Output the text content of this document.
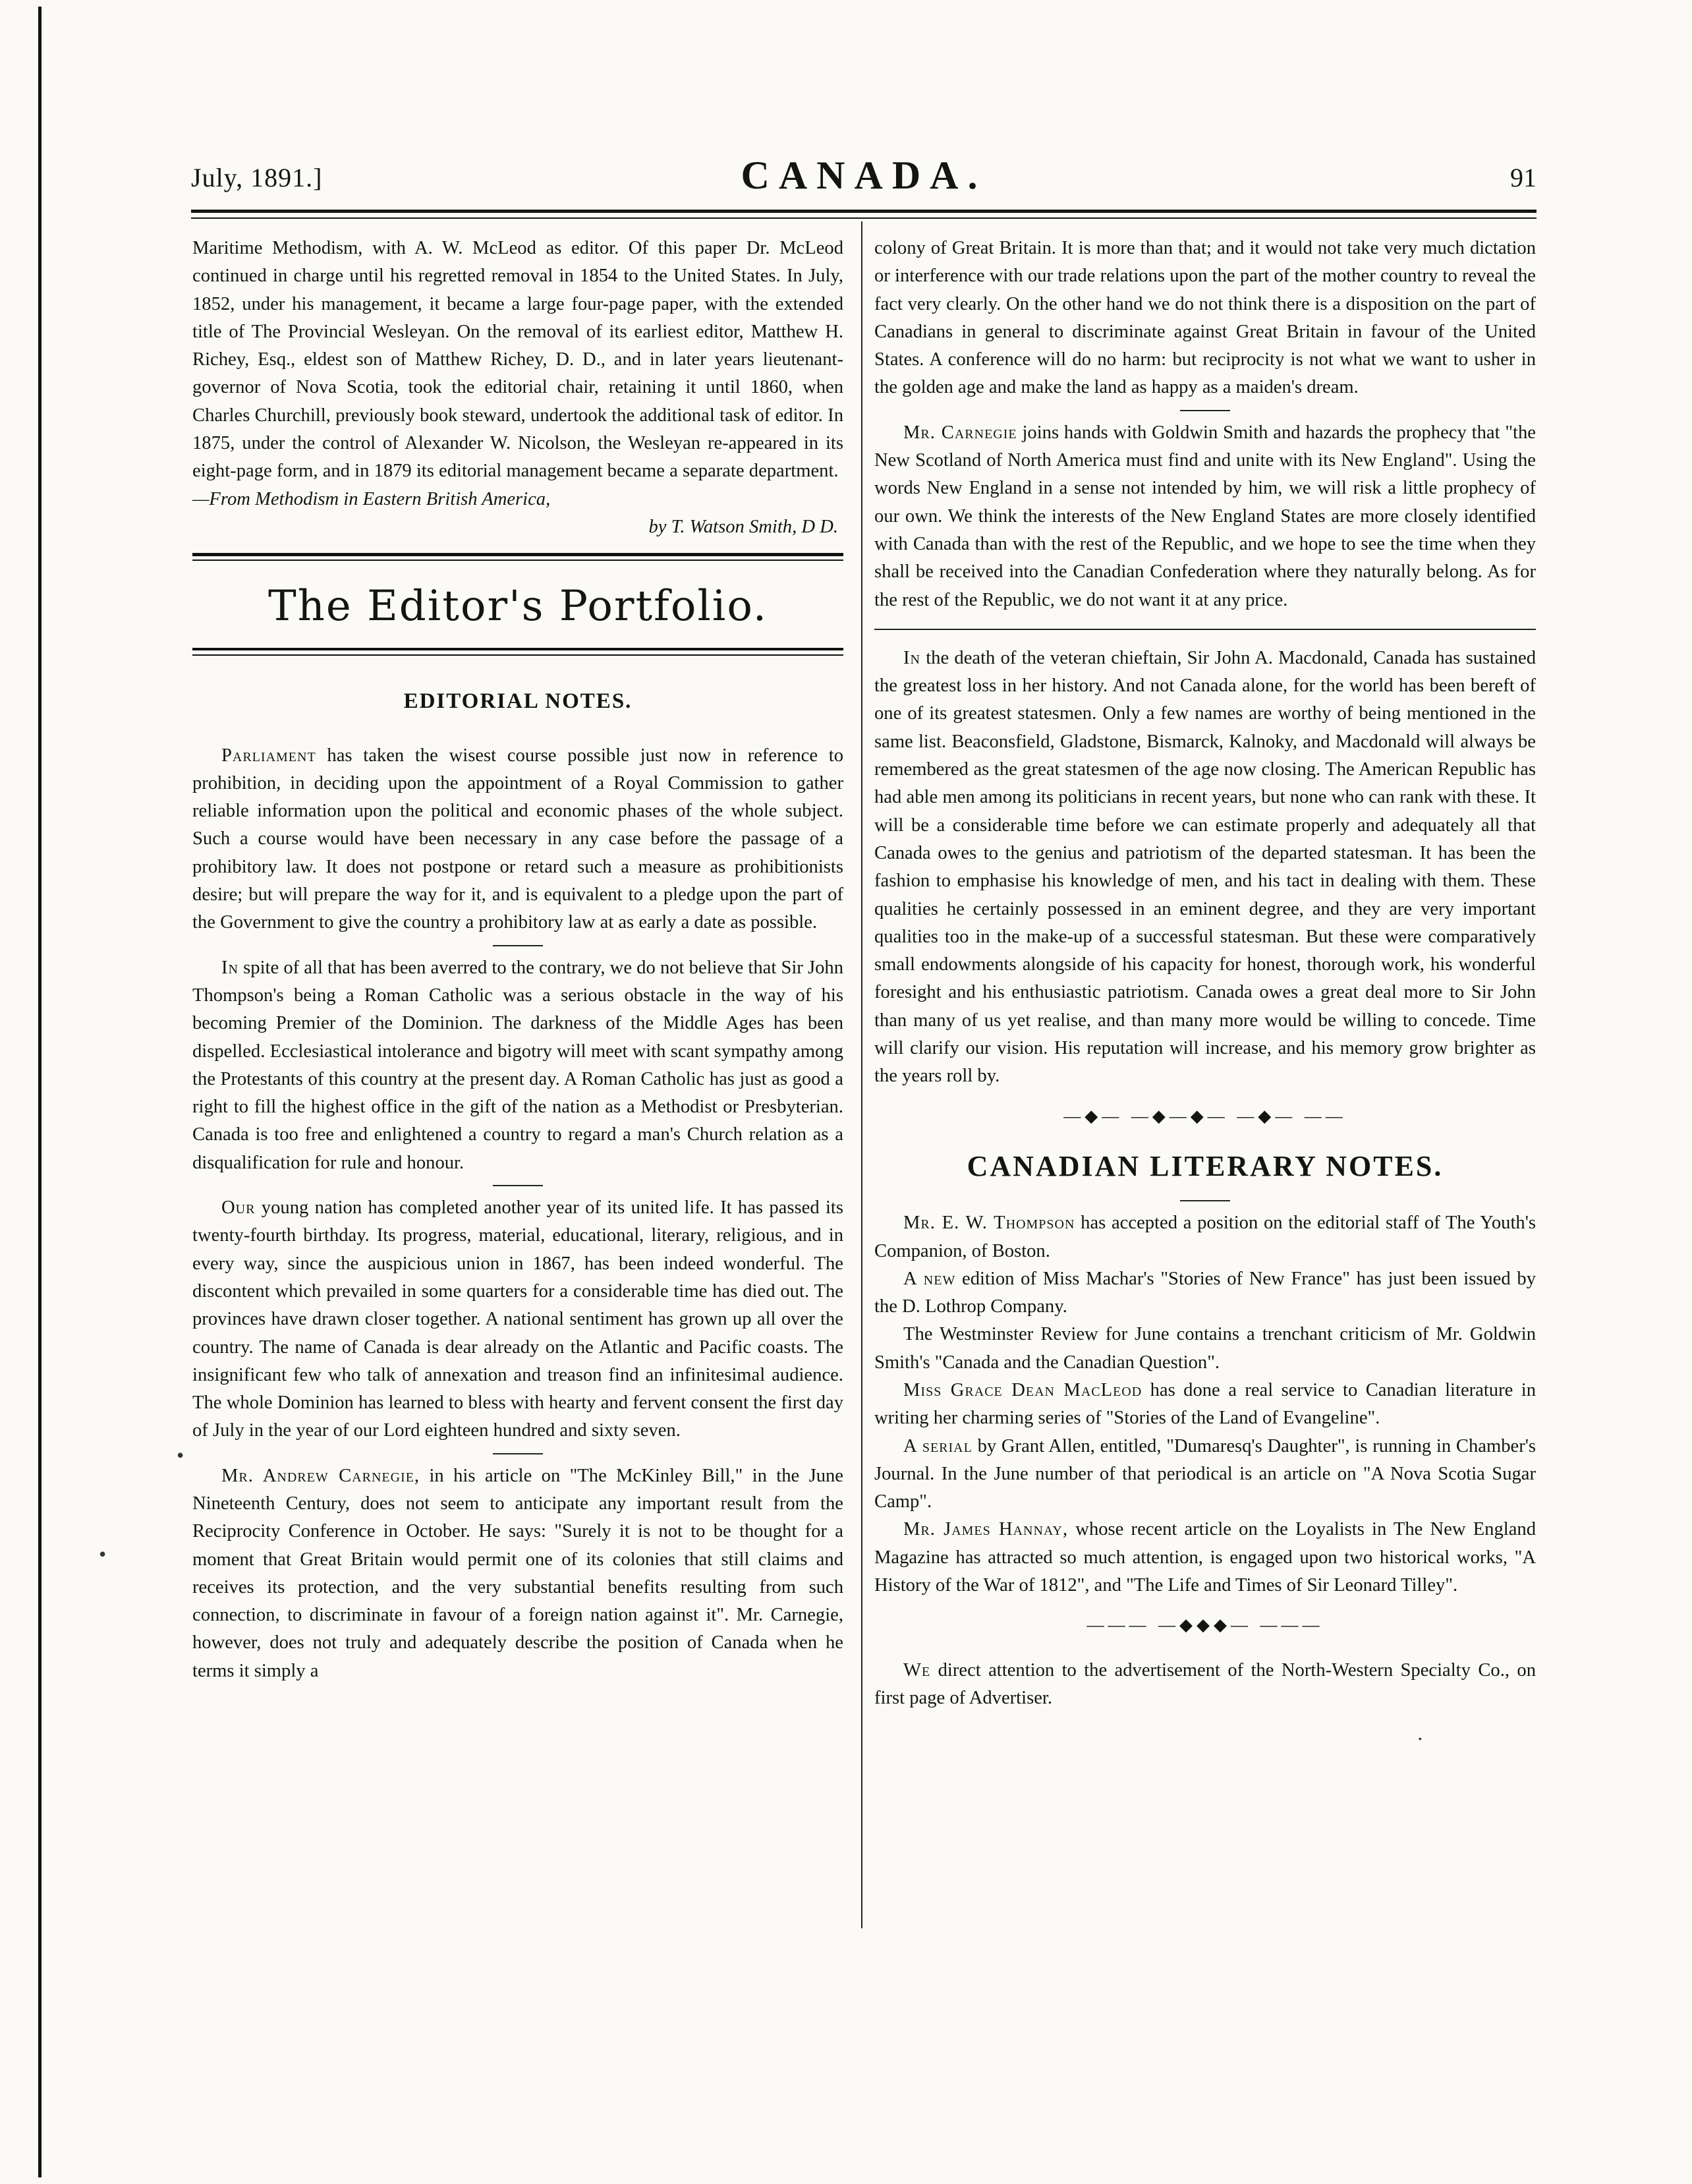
July, 1891.]	CANADA.	91

Maritime Methodism, with A. W. McLeod as editor. Of this paper Dr. McLeod continued in charge until his regretted removal in 1854 to the United States. In July, 1852, under his management, it became a large four-page paper, with the extended title of The Provincial Wesleyan. On the removal of its earliest editor, Matthew H. Richey, Esq., eldest son of Matthew Richey, D. D., and in later years lieutenant-governor of Nova Scotia, took the editorial chair, retaining it until 1860, when Charles Churchill, previously book steward, undertook the additional task of editor. In 1875, under the control of Alexander W. Nicolson, the Wesleyan re-appeared in its eight-page form, and in 1879 its editorial management became a separate department.

—From Methodism in Eastern British America,

by T. Watson Smith, D D.

The Editor's Portfolio.
EDITORIAL NOTES.

Parliament has taken the wisest course possible just now in reference to prohibition, in deciding upon the appointment of a Royal Commission to gather reliable information upon the political and economic phases of the whole subject. Such a course would have been necessary in any case before the passage of a prohibitory law. It does not postpone or retard such a measure as prohibitionists desire; but will prepare the way for it, and is equivalent to a pledge upon the part of the Government to give the country a prohibitory law at as early a date as possible.

In spite of all that has been averred to the contrary, we do not believe that Sir John Thompson's being a Roman Catholic was a serious obstacle in the way of his becoming Premier of the Dominion. The darkness of the Middle Ages has been dispelled. Ecclesiastical intolerance and bigotry will meet with scant sympathy among the Protestants of this country at the present day. A Roman Catholic has just as good a right to fill the highest office in the gift of the nation as a Methodist or Presbyterian. Canada is too free and enlightened a country to regard a man's Church relation as a disqualification for rule and honour.

Our young nation has completed another year of its united life. It has passed its twenty-fourth birthday. Its progress, material, educational, literary, religious, and in every way, since the auspicious union in 1867, has been indeed wonderful. The discontent which prevailed in some quarters for a considerable time has died out. The provinces have drawn closer together. A national sentiment has grown up all over the country. The name of Canada is dear already on the Atlantic and Pacific coasts. The insignificant few who talk of annexation and treason find an infinitesimal audience. The whole Dominion has learned to bless with hearty and fervent consent the first day of July in the year of our Lord eighteen hundred and sixty seven.

Mr. Andrew Carnegie, in his article on "The McKinley Bill," in the June Nineteenth Century, does not seem to anticipate any important result from the Reciprocity Conference in October. He says: "Surely it is not to be thought for a moment that Great Britain would permit one of its colonies that still claims and receives its protection, and the very substantial benefits resulting from such connection, to discriminate in favour of a foreign nation against it". Mr. Carnegie, however, does not truly and adequately describe the position of Canada when he terms it simply a

colony of Great Britain. It is more than that; and it would not take very much dictation or interference with our trade relations upon the part of the mother country to reveal the fact very clearly. On the other hand we do not think there is a disposition on the part of Canadians in general to discriminate against Great Britain in favour of the United States. A conference will do no harm: but reciprocity is not what we want to usher in the golden age and make the land as happy as a maiden's dream.

Mr. Carnegie joins hands with Goldwin Smith and hazards the prophecy that "the New Scotland of North America must find and unite with its New England". Using the words New England in a sense not intended by him, we will risk a little prophecy of our own. We think the interests of the New England States are more closely identified with Canada than with the rest of the Republic, and we hope to see the time when they shall be received into the Canadian Confederation where they naturally belong. As for the rest of the Republic, we do not want it at any price.

In the death of the veteran chieftain, Sir John A. Macdonald, Canada has sustained the greatest loss in her history. And not Canada alone, for the world has been bereft of one of its greatest statesmen. Only a few names are worthy of being mentioned in the same list. Beaconsfield, Gladstone, Bismarck, Kalnoky, and Macdonald will always be remembered as the great statesmen of the age now closing. The American Republic has had able men among its politicians in recent years, but none who can rank with these. It will be a considerable time before we can estimate properly and adequately all that Canada owes to the genius and patriotism of the departed statesman. It has been the fashion to emphasise his knowledge of men, and his tact in dealing with them. These qualities he certainly possessed in an eminent degree, and they are very important qualities too in the make-up of a successful statesman. But these were comparatively small endowments alongside of his capacity for honest, thorough work, his wonderful foresight and his enthusiastic patriotism. Canada owes a great deal more to Sir John than many of us yet realise, and than many more would be willing to concede. Time will clarify our vision. His reputation will increase, and his memory grow brighter as the years roll by.

—◆— —◆—◆— —◆— ——
CANADIAN LITERARY NOTES.

Mr. E. W. Thompson has accepted a position on the editorial staff of The Youth's Companion, of Boston.

A new edition of Miss Machar's "Stories of New France" has just been issued by the D. Lothrop Company.

The Westminster Review for June contains a trenchant criticism of Mr. Goldwin Smith's "Canada and the Canadian Question".

Miss Grace Dean MacLeod has done a real service to Canadian literature in writing her charming series of "Stories of the Land of Evangeline".

A serial by Grant Allen, entitled, "Dumaresq's Daughter", is running in Chamber's Journal. In the June number of that periodical is an article on "A Nova Scotia Sugar Camp".

Mr. James Hannay, whose recent article on the Loyalists in The New England Magazine has attracted so much attention, is engaged upon two historical works, "A History of the War of 1812", and "The Life and Times of Sir Leonard Tilley".

——— —◆◆◆— ———

We direct attention to the advertisement of the North-Western Specialty Co., on first page of Advertiser.

•
•
·
